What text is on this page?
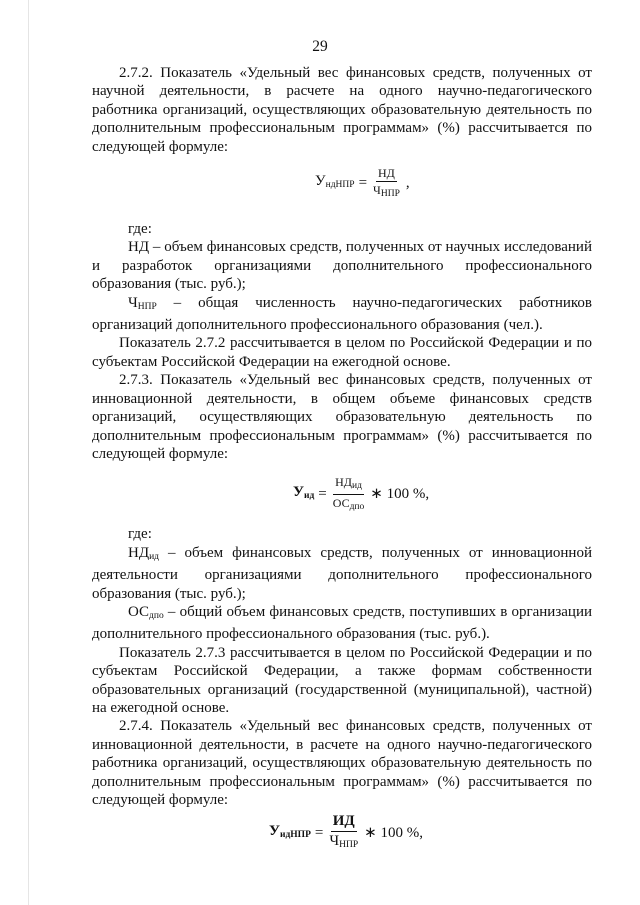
29

2.7.2. Показатель «Удельный вес финансовых средств, полученных от научной деятельности, в расчете на одного научно-педагогического работника организаций, осуществляющих образовательную деятельность по дополнительным профессиональным программам» (%) рассчитывается по следующей формуле:

$У_{ндНПР} = \frac{НД}{Ч_{НПР}}$ ,

где:

НД – объем финансовых средств, полученных от научных исследований и разработок организациями дополнительного профессионального образования (тыс. руб.);

$Ч_{НПР}$ – общая численность научно-педагогических работников организаций дополнительного профессионального образования (чел.).

Показатель 2.7.2 рассчитывается в целом по Российской Федерации и по субъектам Российской Федерации на ежегодной основе.

2.7.3. Показатель «Удельный вес финансовых средств, полученных от инновационной деятельности, в общем объеме финансовых средств организаций, осуществляющих образовательную деятельность по дополнительным профессиональным программам» (%) рассчитывается по следующей формуле:

$У_{ид} = \frac{НД_{ид}}{ОС_{дпо}}$ ∗ 100 %,

где:

$НД_{ид}$ – объем финансовых средств, полученных от инновационной деятельности организациями дополнительного профессионального образования (тыс. руб.);

$ОС_{дпо}$ – общий объем финансовых средств, поступивших в организации дополнительного профессионального образования (тыс. руб.).

Показатель 2.7.3 рассчитывается в целом по Российской Федерации и по субъектам Российской Федерации, а также формам собственности образовательных организаций (государственной (муниципальной), частной) на ежегодной основе.

2.7.4. Показатель «Удельный вес финансовых средств, полученных от инновационной деятельности, в расчете на одного научно-педагогического работника организаций, осуществляющих образовательную деятельность по дополнительным профессиональным программам» (%) рассчитывается по следующей формуле:

$У_{идНПР} = \frac{ИД}{Ч_{НПР}}$ ∗ 100 %,
